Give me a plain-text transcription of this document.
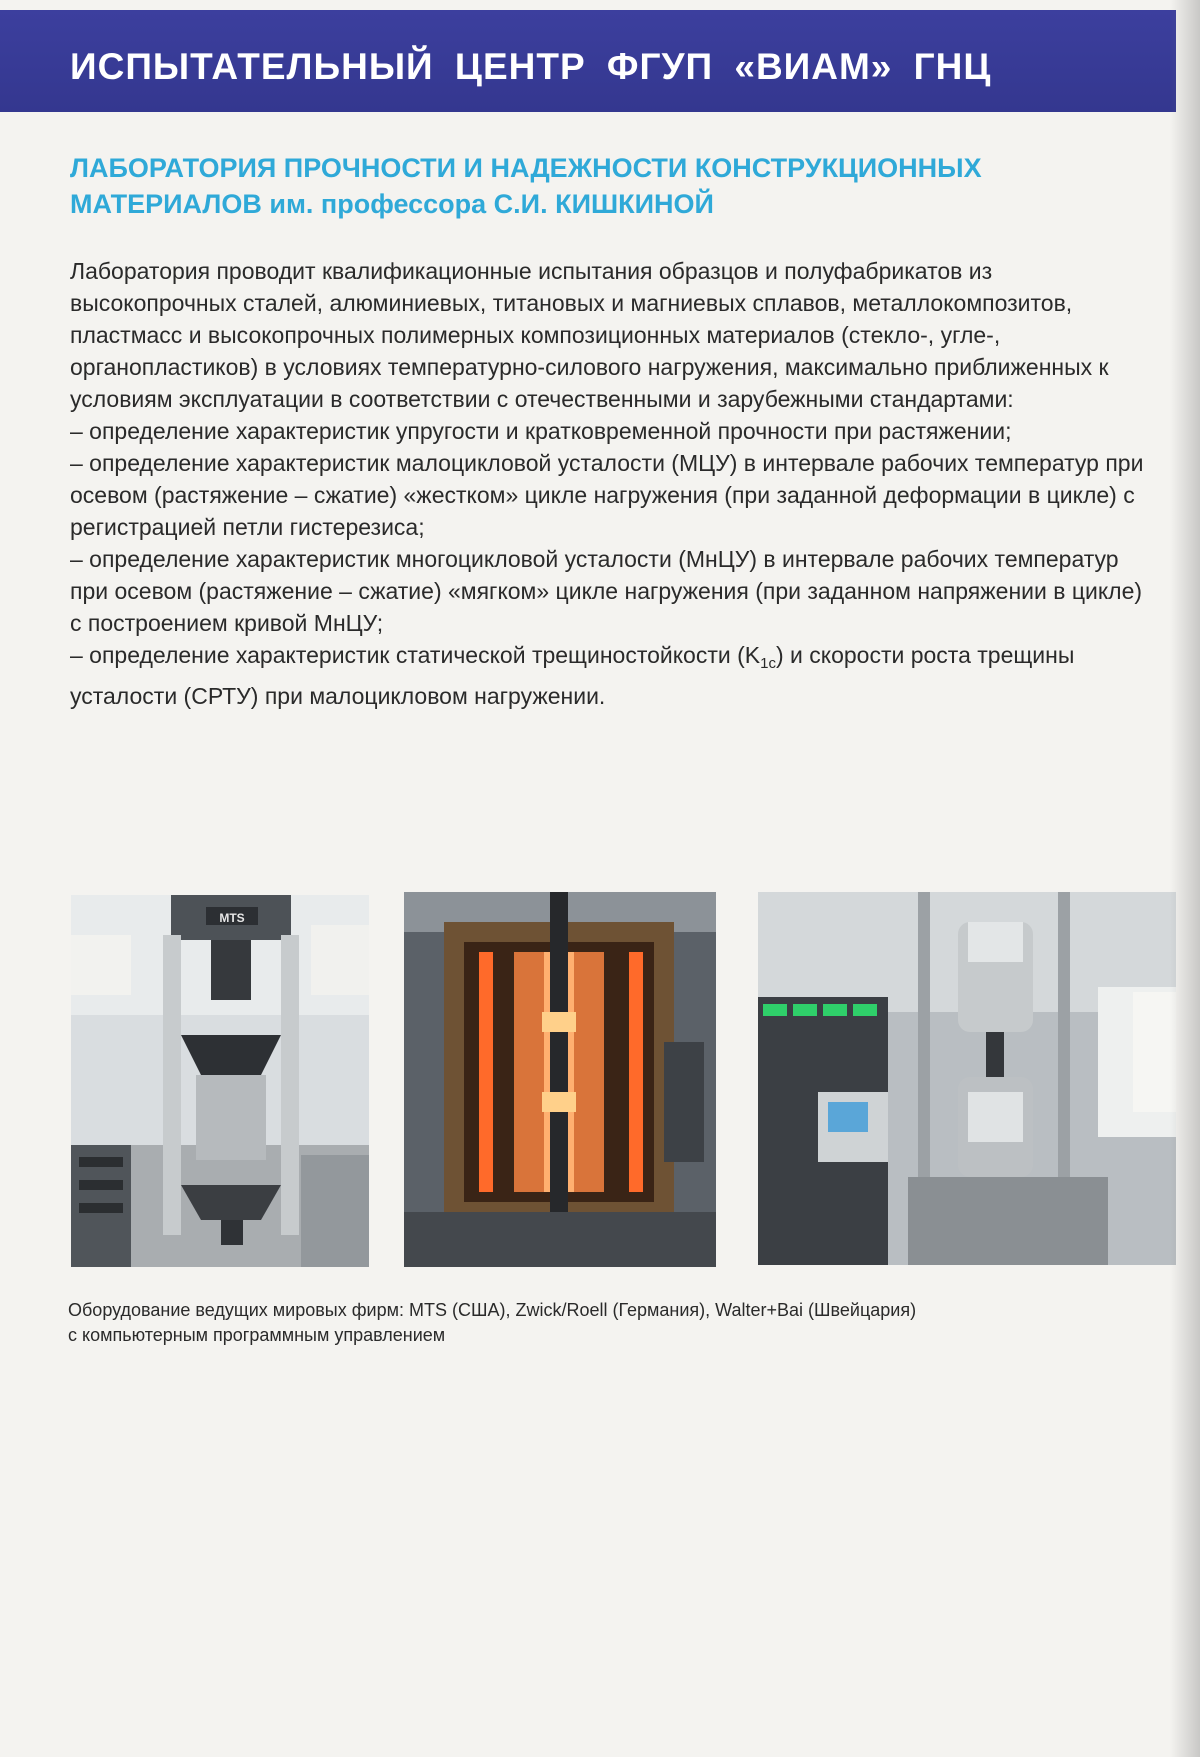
ИСПЫТАТЕЛЬНЫЙ ЦЕНТР ФГУП «ВИАМ» ГНЦ
ЛАБОРАТОРИЯ ПРОЧНОСТИ И НАДЕЖНОСТИ КОНСТРУКЦИОННЫХ
МАТЕРИАЛОВ им. профессора С.И. КИШКИНОЙ

Лаборатория проводит квалификационные испытания образцов и полуфабрикатов из высокопрочных сталей, алюминиевых, титановых и магниевых сплавов, металлокомпозитов, пластмасс и высокопрочных полимерных композиционных материалов (стекло-, угле-, органопластиков) в условиях температурно-силового нагружения, максимально приближенных к условиям эксплуатации в соответствии с отечественными и зарубежными стандартами:

– определение характеристик упругости и кратковременной прочности при растяжении;

– определение характеристик малоцикловой усталости (МЦУ) в интервале рабочих температур при осевом (растяжение – сжатие) «жестком» цикле нагружения (при заданной деформации в цикле) с регистрацией петли гистерезиса;

– определение характеристик многоцикловой усталости (МнЦУ) в интервале рабочих температур при осевом (растяжение – сжатие) «мягком» цикле нагружения (при заданном напряжении в цикле) с построением кривой МнЦУ;

– определение характеристик статической трещиностойкости $(K_{1c})$ и скорости роста трещины усталости (СРТУ) при малоцикловом нагружении.

MTS

Оборудование ведущих мировых фирм: MTS (США), Zwick/Roell (Германия), Walter+Bai (Швейцария)

с компьютерным программным управлением
